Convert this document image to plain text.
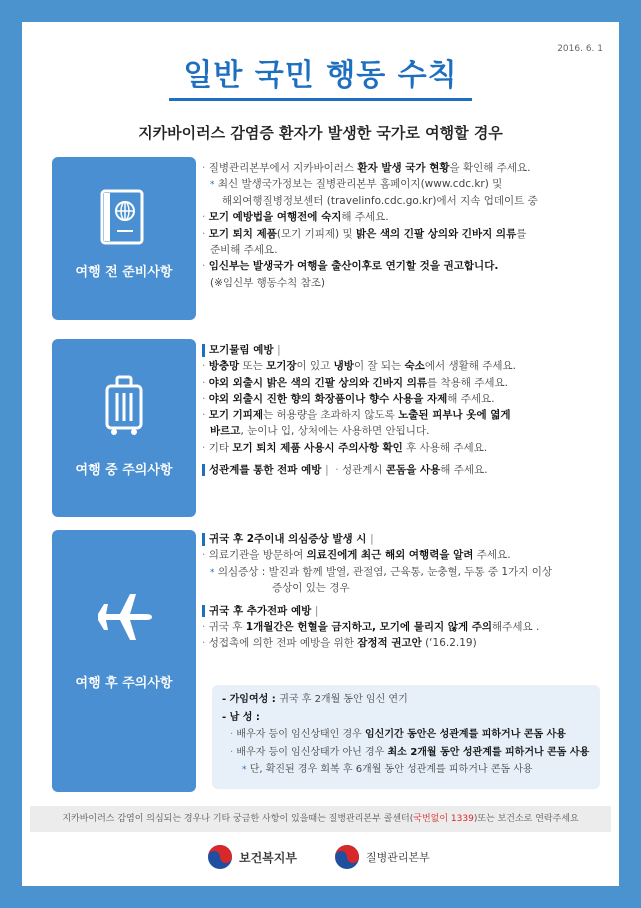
2016. 6. 1
일반 국민 행동 수칙
지카바이러스 감염증 환자가 발생한 국가로 여행할 경우
여행 전 준비사항
· 질병관리본부에서 지카바이러스 환자 발생 국가 현황을 확인해 주세요.
* 최신 발생국가정보는 질병관리본부 홈페이지(www.cdc.kr) 및
해외여행질병정보센터 (travelinfo.cdc.go.kr)에서 지속 업데이트 중
· 모기 예방법을 여행전에 숙지해 주세요.
· 모기 퇴치 제품(모기 기피제) 및 밝은 색의 긴팔 상의와 긴바지 의류를
준비해 주세요.
· 임신부는 발생국가 여행을 출산이후로 연기할 것을 권고합니다.
(※임신부 행동수칙 참조)
여행 중 주의사항
모기물림 예방 |
· 방충망 또는 모기장이 있고 냉방이 잘 되는 숙소에서 생활해 주세요.
· 야외 외출시 밝은 색의 긴팔 상의와 긴바지 의류를 착용해 주세요.
· 야외 외출시 진한 향의 화장품이나 향수 사용을 자제해 주세요.
· 모기 기피제는 허용량을 초과하지 않도록 노출된 피부나 옷에 엷게
바르고, 눈이나 입, 상처에는 사용하면 안됩니다.
· 기타 모기 퇴치 제품 사용시 주의사항 확인 후 사용해 주세요.
성관계를 통한 전파 예방 | · 성관계시 콘돔을 사용해 주세요.
여행 후 주의사항
귀국 후 2주이내 의심증상 발생 시 |
· 의료기관을 방문하여 의료진에게 최근 해외 여행력을 알려 주세요.
* 의심증상 : 발진과 함께 발열, 관절염, 근육통, 눈충혈, 두통 중 1가지 이상
증상이 있는 경우
귀국 후 추가전파 예방 |
· 귀국 후 1개월간은 헌혈을 금지하고, 모기에 물리지 않게 주의해주세요 .
· 성접촉에 의한 전파 예방을 위한 잠정적 권고안 (‘16.2.19)
- 가임여성 : 귀국 후 2개월 동안 임신 연기
- 남 성 :
· 배우자 등이 임신상태인 경우 임신기간 동안은 성관계를 피하거나 콘돔 사용
· 배우자 등이 임신상태가 아닌 경우 최소 2개월 동안 성관계를 피하거나 콘돔 사용
* 단, 확진된 경우 회복 후 6개월 동안 성관계를 피하거나 콘돔 사용
지카바이러스 감염이 의심되는 경우나 기타 궁금한 사항이 있을때는 질병관리본부 콜센터(국번없이 1339)또는 보건소로 연락주세요
보건복지부	질병관리본부
